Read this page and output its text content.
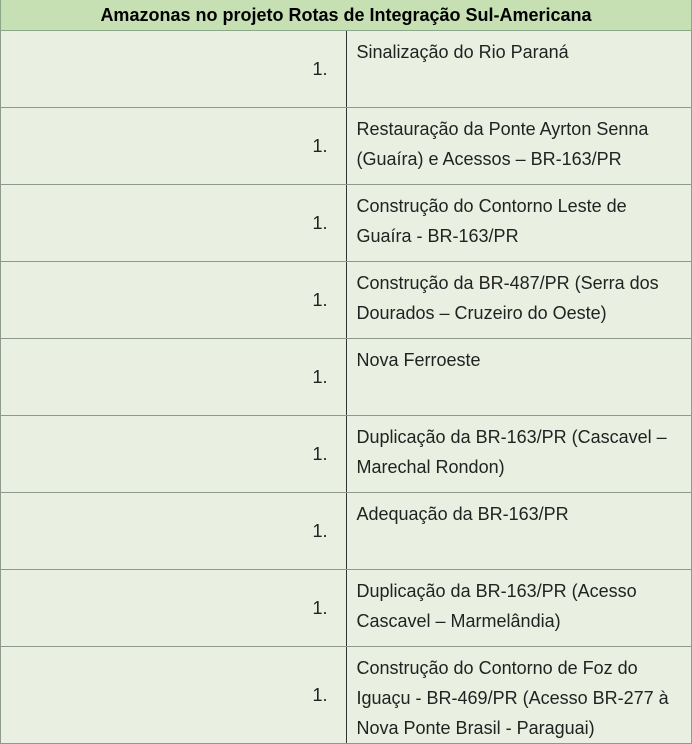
Amazonas no projeto Rotas de Integração Sul-Americana	
1.	Sinalização do Rio Paraná
1.	Restauração da Ponte Ayrton Senna (Guaíra) e Acessos – BR-163/PR
1.	Construção do Contorno Leste de Guaíra - BR-163/PR
1.	Construção da BR-487/PR (Serra dos Dourados – Cruzeiro do Oeste)
1.	Nova Ferroeste
1.	Duplicação da BR-163/PR (Cascavel – Marechal Rondon)
1.	Adequação da BR-163/PR
1.	Duplicação da BR-163/PR (Acesso Cascavel – Marmelândia)
1.	Construção do Contorno de Foz do Iguaçu - BR-469/PR (Acesso BR-277 à Nova Ponte Brasil - Paraguai)
